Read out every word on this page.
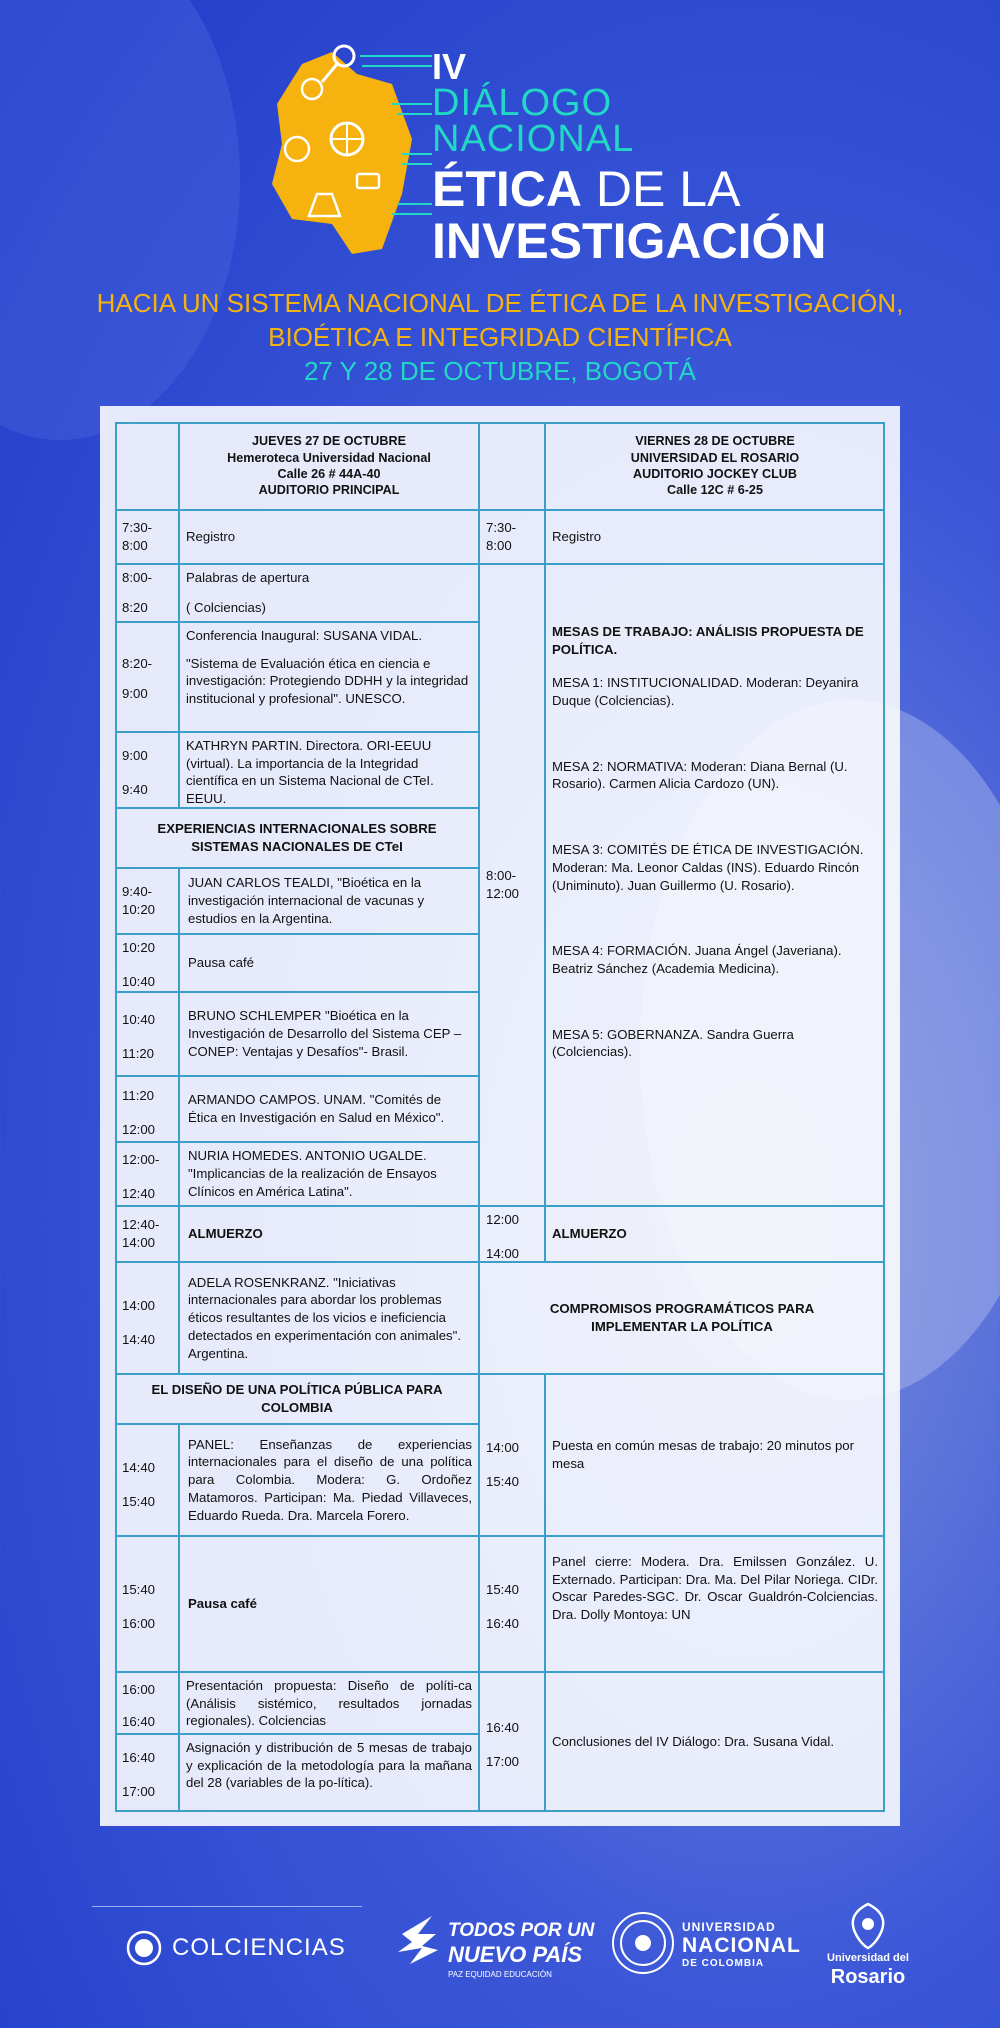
IV
DIÁLOGO
NACIONAL
ÉTICA DE LA
INVESTIGACIÓN
HACIA UN SISTEMA NACIONAL DE ÉTICA DE LA INVESTIGACIÓN,
BIOÉTICA E INTEGRIDAD CIENTÍFICA
27 Y 28 DE OCTUBRE, BOGOTÁ
JUEVES 27 DE OCTUBRE
Hemeroteca Universidad Nacional
Calle 26 # 44A-40
AUDITORIO PRINCIPAL
VIERNES 28 DE OCTUBRE
UNIVERSIDAD EL ROSARIO
AUDITORIO JOCKEY CLUB
Calle 12C # 6-25
7:30-
8:00
Registro
8:00-
8:20
Palabras de apertura
( Colciencias)
8:20-
9:00
Conferencia Inaugural: SUSANA VIDAL.
"Sistema de Evaluación ética en ciencia e investigación: Protegiendo DDHH y la integridad institucional y profesional". UNESCO.
9:00
9:40
KATHRYN PARTIN. Directora. ORI-EEUU (virtual). La importancia de la Integridad científica en un Sistema Nacional de CTeI. EEUU.
EXPERIENCIAS INTERNACIONALES SOBRE SISTEMAS NACIONALES DE CTeI
9:40-
10:20
JUAN CARLOS TEALDI, "Bioética en la investigación internacional de vacunas y estudios en la Argentina.
10:20
10:40
Pausa café
10:40
11:20
BRUNO SCHLEMPER "Bioética en la Investigación de Desarrollo del Sistema CEP – CONEP: Ventajas y Desafíos"- Brasil.
11:20
12:00
ARMANDO CAMPOS. UNAM. "Comités de Ética en Investigación en Salud en México".
12:00-
12:40
NURIA HOMEDES. ANTONIO UGALDE. "Implicancias de la realización de Ensayos Clínicos en América Latina".
12:40-
14:00
ALMUERZO
14:00
14:40
ADELA ROSENKRANZ. "Iniciativas internacionales para abordar los problemas éticos resultantes de los vicios e ineficiencia detectados en experimentación con animales". Argentina.
EL DISEÑO DE UNA POLÍTICA PÚBLICA PARA COLOMBIA
14:40
15:40
PANEL: Enseñanzas de experiencias internacionales para el diseño de una política para Colombia. Modera: G. Ordoñez Matamoros. Participan: Ma. Piedad Villaveces, Eduardo Rueda. Dra. Marcela Forero.
15:40
16:00
Pausa café
16:00
16:40
Presentación propuesta: Diseño de políti-ca (Análisis sistémico, resultados jornadas regionales). Colciencias
16:40
17:00
Asignación y distribución de 5 mesas de trabajo y explicación de la metodología para la mañana del 28 (variables de la po-lítica).
7:30-
8:00
Registro
8:00-
12:00
MESAS DE TRABAJO: ANÁLISIS PROPUESTA DE POLÍTICA.
MESA 1: INSTITUCIONALIDAD. Moderan: Deyanira Duque (Colciencias).
MESA 2: NORMATIVA: Moderan: Diana Bernal (U. Rosario). Carmen Alicia Cardozo (UN).
MESA 3: COMITÉS DE ÉTICA DE INVESTIGACIÓN. Moderan: Ma. Leonor Caldas (INS). Eduardo Rincón (Uniminuto). Juan Guillermo (U. Rosario).
MESA 4: FORMACIÓN. Juana Ángel (Javeriana). Beatriz Sánchez (Academia Medicina).
MESA 5: GOBERNANZA. Sandra Guerra (Colciencias).
12:00
14:00
ALMUERZO
COMPROMISOS PROGRAMÁTICOS PARA IMPLEMENTAR LA POLÍTICA
14:00
15:40
Puesta en común mesas de trabajo: 20 minutos por mesa
15:40
16:40
Panel cierre: Modera. Dra. Emilssen González. U. Externado. Participan: Dra. Ma. Del Pilar Noriega. CIDr. Oscar Paredes-SGC. Dr. Oscar Gualdrón-Colciencias. Dra. Dolly Montoya: UN
16:40
17:00
Conclusiones del IV Diálogo: Dra. Susana Vidal.
COLCIENCIAS
TODOS POR UN
NUEVO PAÍS
PAZ EQUIDAD EDUCACIÓN
UNIVERSIDAD
NACIONAL
DE COLOMBIA	Universidad del
Rosario
